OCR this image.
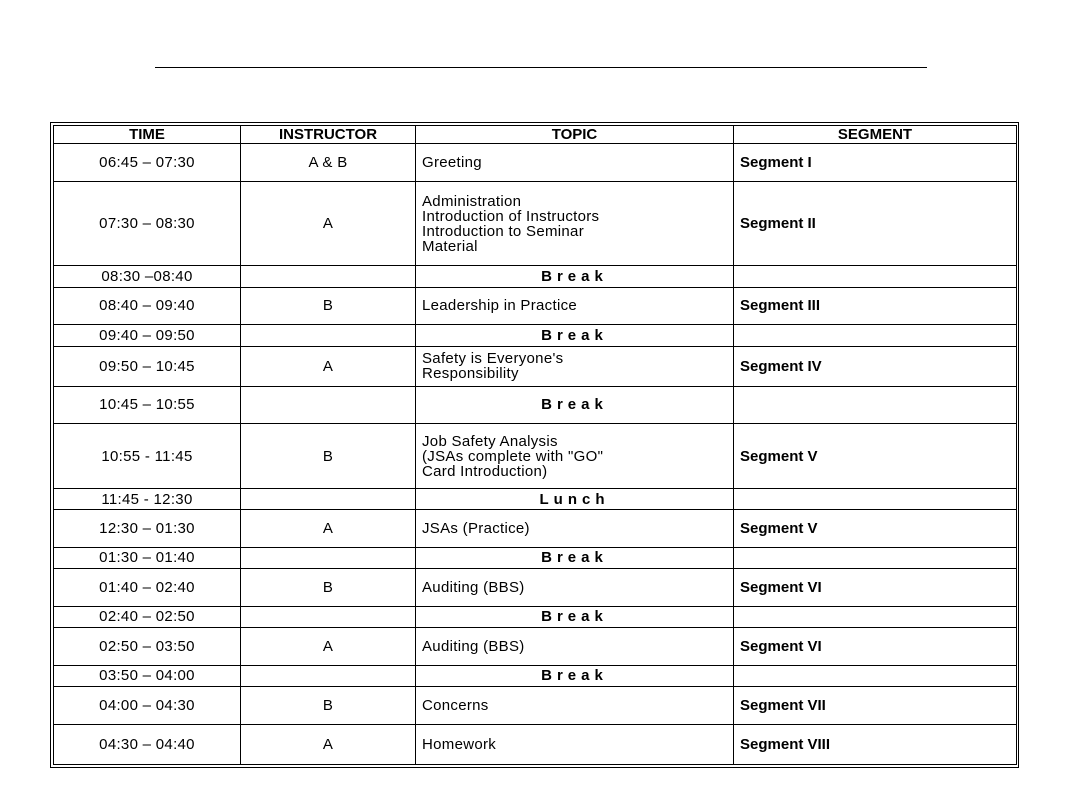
TIME	INSTRUCTOR	TOPIC	SEGMENT
06:45 – 07:30	A & B	Greeting	Segment I
07:30 – 08:30	A	Administration
Introduction of Instructors
Introduction to Seminar
Material	Segment II
08:30 –08:40		Break	
08:40 – 09:40	B	Leadership in Practice	Segment III
09:40 – 09:50		Break	
09:50 – 10:45	A	Safety is Everyone's
Responsibility	Segment IV
10:45 – 10:55		Break	
10:55 - 11:45	B	Job Safety Analysis
(JSAs complete with "GO"
Card Introduction)	Segment V
11:45 - 12:30		Lunch	
12:30 – 01:30	A	JSAs (Practice)	Segment V
01:30 – 01:40		Break	
01:40 – 02:40	B	Auditing (BBS)	Segment VI
02:40 – 02:50		Break	
02:50 – 03:50	A	Auditing (BBS)	Segment VI
03:50 – 04:00		Break	
04:00 – 04:30	B	Concerns	Segment VII
04:30 – 04:40	A	Homework	Segment VIII
